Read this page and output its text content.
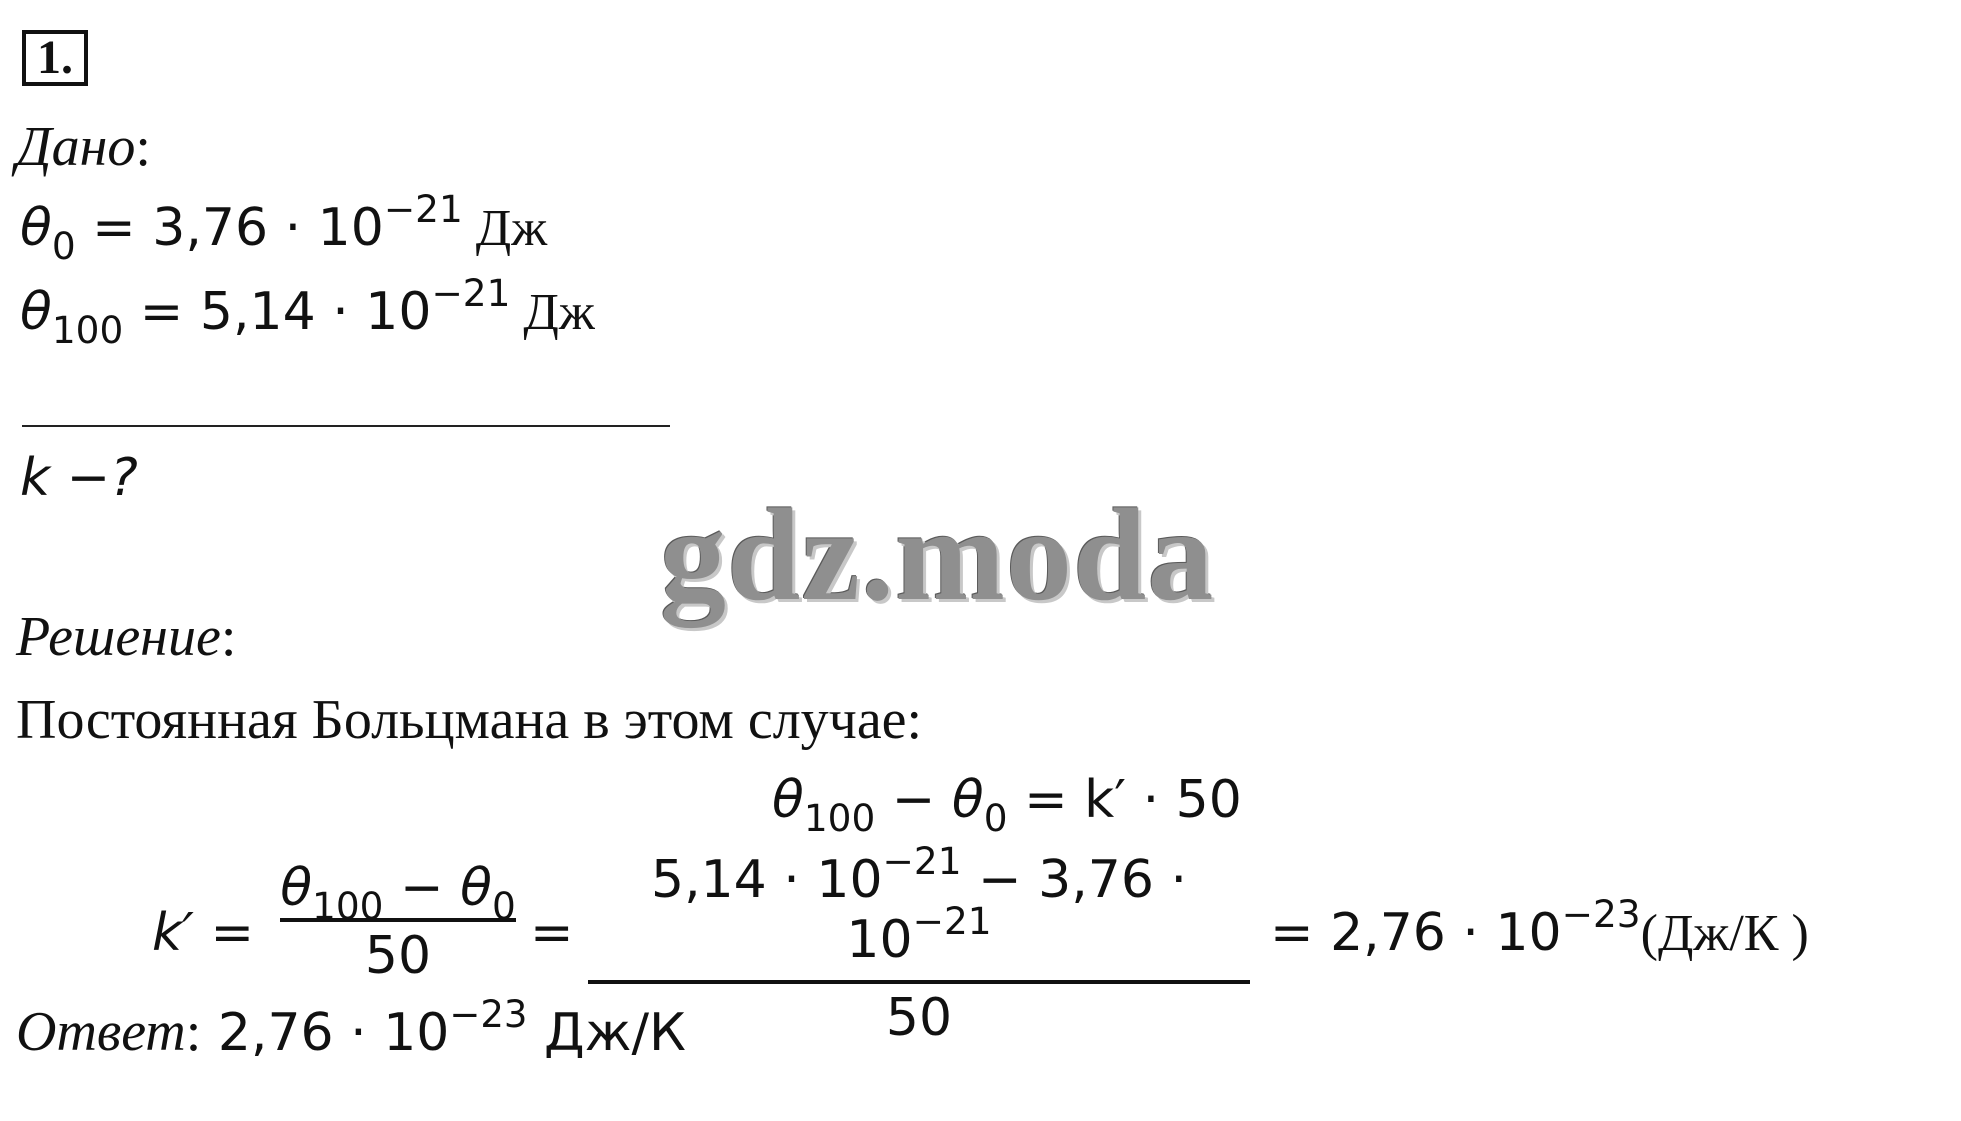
1.
Дано:
$\theta_0 = 3,76 \cdot 10^{-21}$ Дж
$\theta_{100} = 5,14 \cdot 10^{-21}$ Дж
k −?
gdz.moda
Решение:
Постоянная Больцмана в этом случае:
$\theta_{100} - \theta_0 = k' \cdot 50$
k′ =
$\theta_{100} - \theta_0$
50	=
$5,14 \cdot 10^{-21} - 3,76 \cdot 10^{-21}$
50
= $2,76 \cdot 10^{-23}(Дж/К$ )
Ответ: $2,76 \cdot 10^{-23}$ Дж/К
